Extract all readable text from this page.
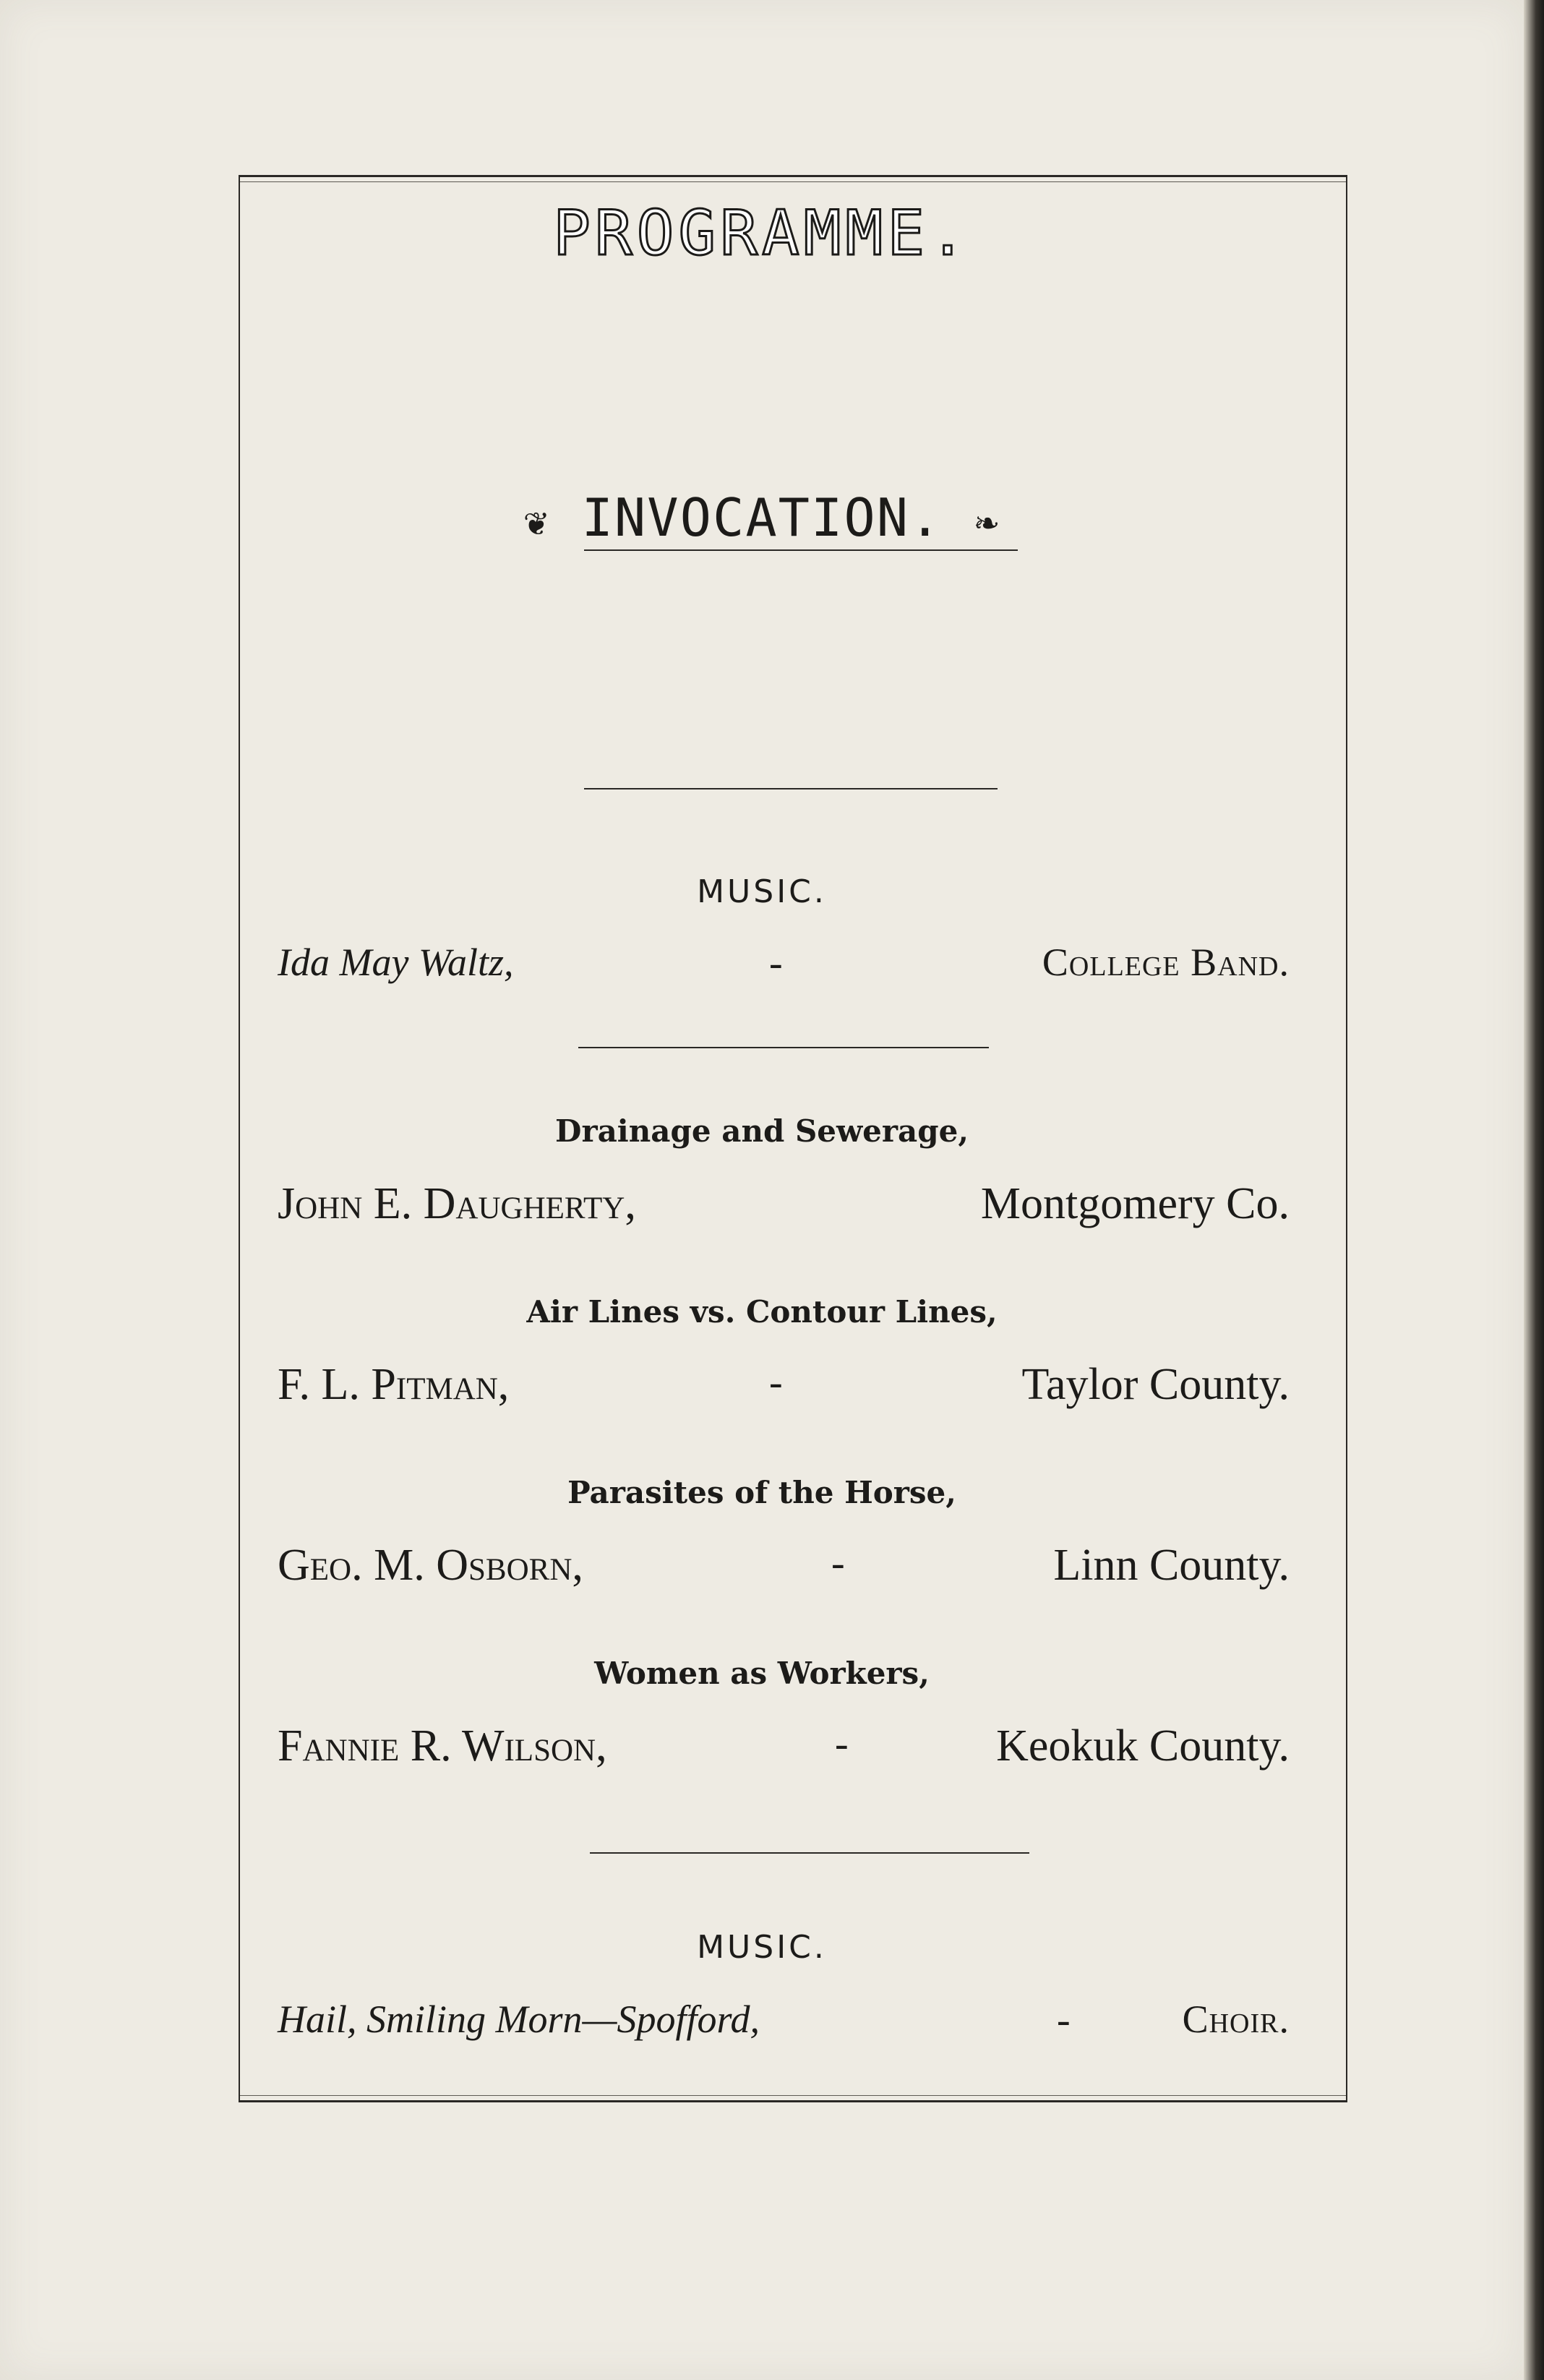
PROGRAMME.
❦ INVOCATION. ❧
MUSIC.
Ida May Waltz,	-	College Band.
Drainage and Sewerage,
John E. Daugherty,	Montgomery Co.
Air Lines vs. Contour Lines,
F. L. Pitman,	-	Taylor County.
Parasites of the Horse,
Geo. M. Osborn,	-	Linn County.
Women as Workers,
Fannie R. Wilson,	-	Keokuk County.
MUSIC.
Hail, Smiling Morn—Spofford,	-	Choir.
